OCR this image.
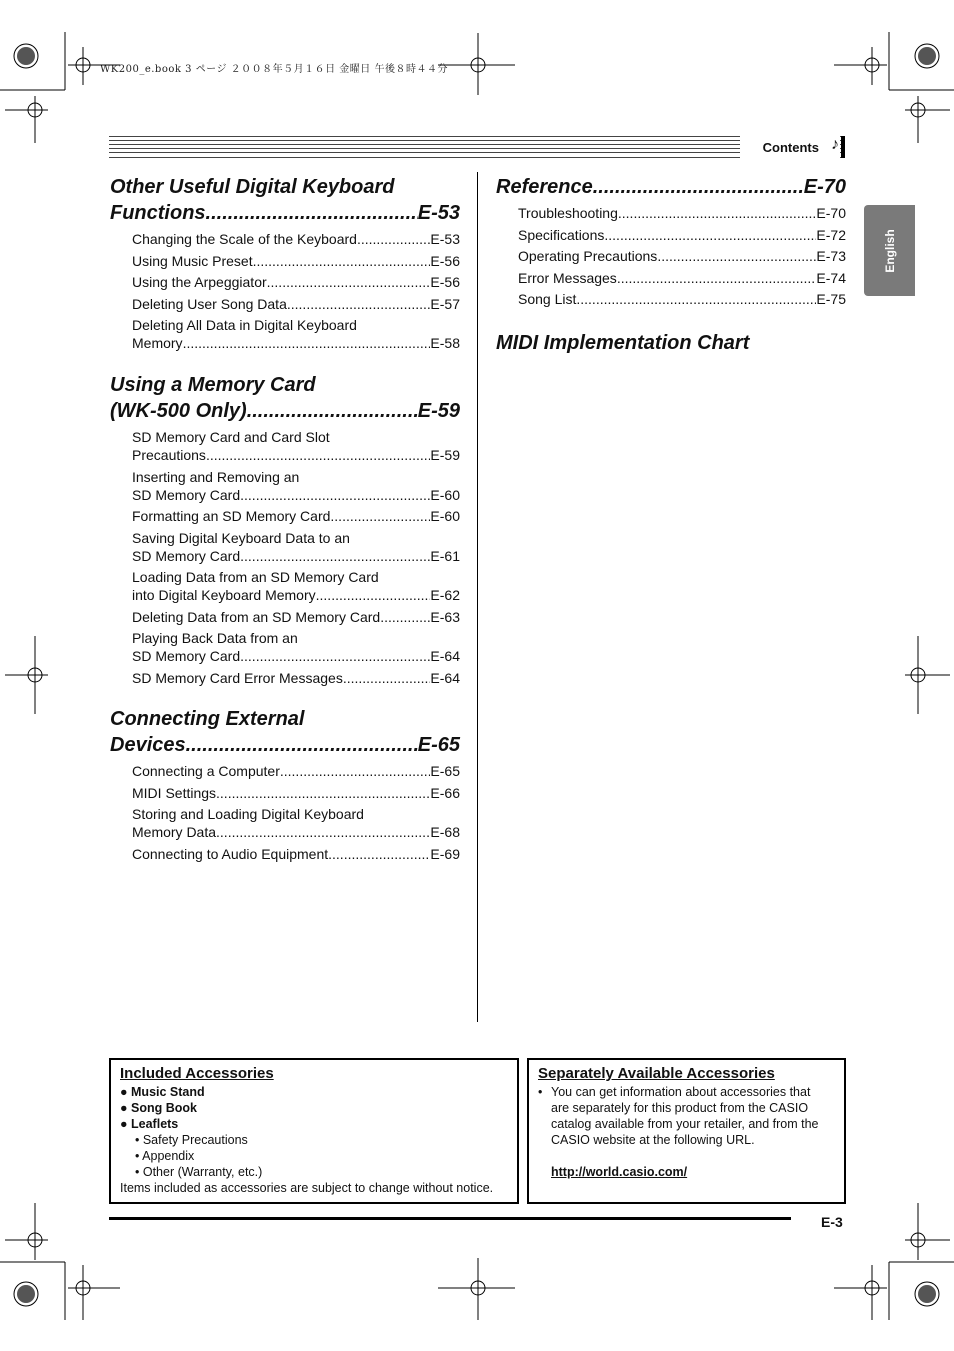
WK200_e.book 3 ページ ２００８年５月１６日 金曜日 午後８時４４分
Contents ♪
English
Other Useful Digital Keyboard
Functions .....	E-53
Changing the Scale of the Keyboard .....	E-53
Using Music Preset .....	E-56
Using the Arpeggiator .....	E-56
Deleting User Song Data .....	E-57
Deleting All Data in Digital Keyboard
Memory .....	E-58
Using a Memory Card
(WK-500 Only) .....	E-59
SD Memory Card and Card Slot
Precautions .....	E-59
Inserting and Removing an
SD Memory Card .....	E-60
Formatting an SD Memory Card .....	E-60
Saving Digital Keyboard Data to an
SD Memory Card .....	E-61
Loading Data from an SD Memory Card
into Digital Keyboard Memory .....	E-62
Deleting Data from an SD Memory Card .....	E-63
Playing Back Data from an
SD Memory Card .....	E-64
SD Memory Card Error Messages .....	E-64
Connecting External
Devices .....	E-65
Connecting a Computer .....	E-65
MIDI Settings .....	E-66
Storing and Loading Digital Keyboard
Memory Data .....	E-68
Connecting to Audio Equipment .....	E-69
Reference .....	E-70
Troubleshooting .....	E-70
Specifications .....	E-72
Operating Precautions .....	E-73
Error Messages .....	E-74
Song List .....	E-75
MIDI Implementation Chart
Included Accessories
● Music Stand
● Song Book
● Leaflets
• Safety Precautions
• Appendix
• Other (Warranty, etc.)
Items included as accessories are subject to change without notice.
Separately Available Accessories
• You can get information about accessories that
are separately for this product from the CASIO
catalog available from your retailer, and from the
CASIO website at the following URL.
http://world.casio.com/
E-3
